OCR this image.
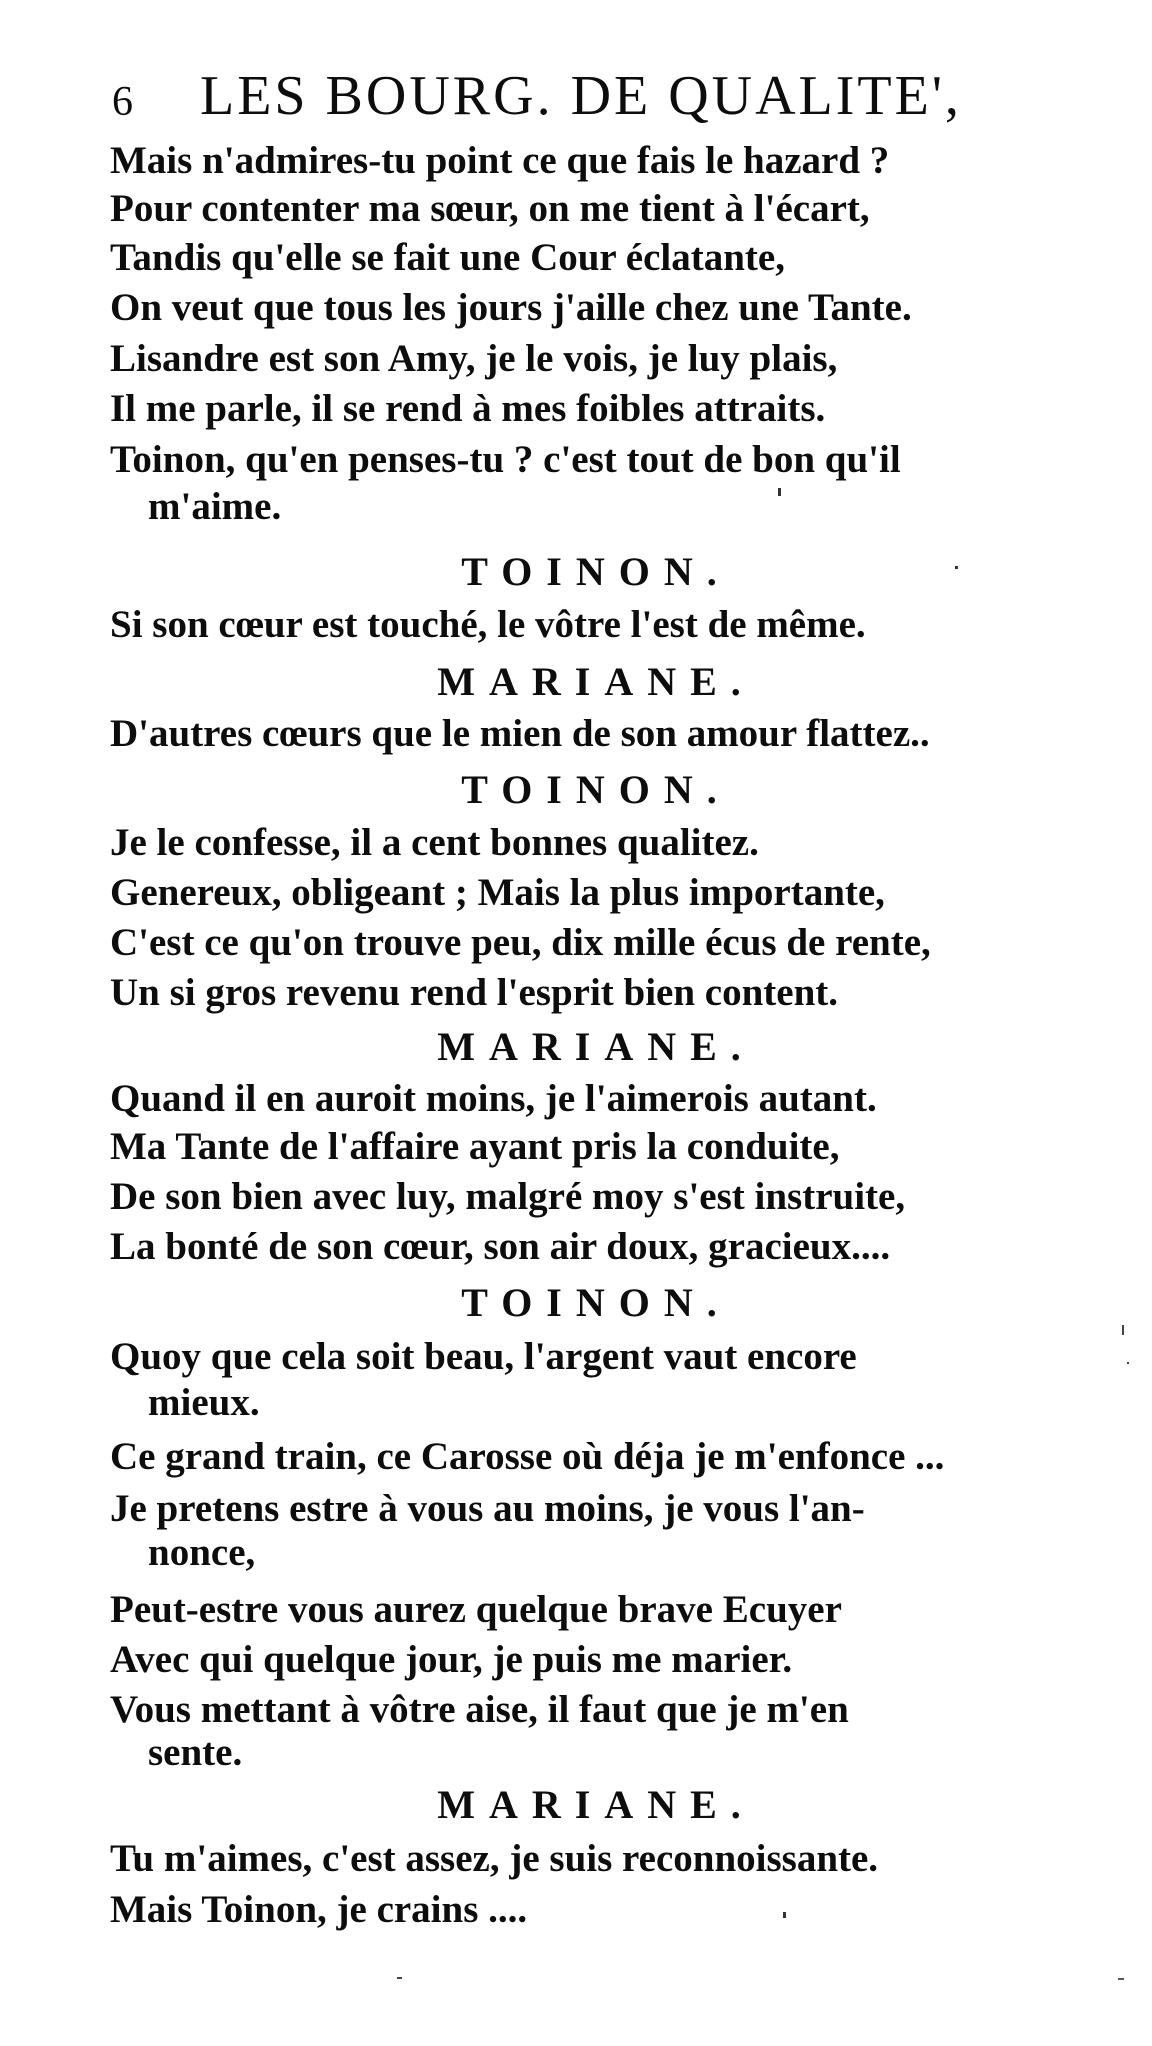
6 LES BOURG. DE QUALITE',
Mais n'admires-tu point ce que fais le hazard ?
Pour contenter ma sœur, on me tient à l'écart,
Tandis qu'elle se fait une Cour éclatante,
On veut que tous les jours j'aille chez une Tante.
Lisandre est son Amy, je le vois, je luy plais,
Il me parle, il se rend à mes foibles attraits.
Toinon, qu'en penses-tu ? c'est tout de bon qu'il
m'aime.
TOINON.
Si son cœur est touché, le vôtre l'est de même.
MARIANE.
D'autres cœurs que le mien de son amour flattez..
TOINON.
Je le confesse, il a cent bonnes qualitez.
Genereux, obligeant ; Mais la plus importante,
C'est ce qu'on trouve peu, dix mille écus de rente,
Un si gros revenu rend l'esprit bien content.
MARIANE.
Quand il en auroit moins, je l'aimerois autant.
Ma Tante de l'affaire ayant pris la conduite,
De son bien avec luy, malgré moy s'est instruite,
La bonté de son cœur, son air doux, gracieux....
TOINON.
Quoy que cela soit beau, l'argent vaut encore
mieux.
Ce grand train, ce Carosse où déja je m'enfonce ...
Je pretens estre à vous au moins, je vous l'an-
nonce,
Peut-estre vous aurez quelque brave Ecuyer
Avec qui quelque jour, je puis me marier.
Vous mettant à vôtre aise, il faut que je m'en
sente.
MARIANE.
Tu m'aimes, c'est assez, je suis reconnoissante.
Mais Toinon, je crains ....
